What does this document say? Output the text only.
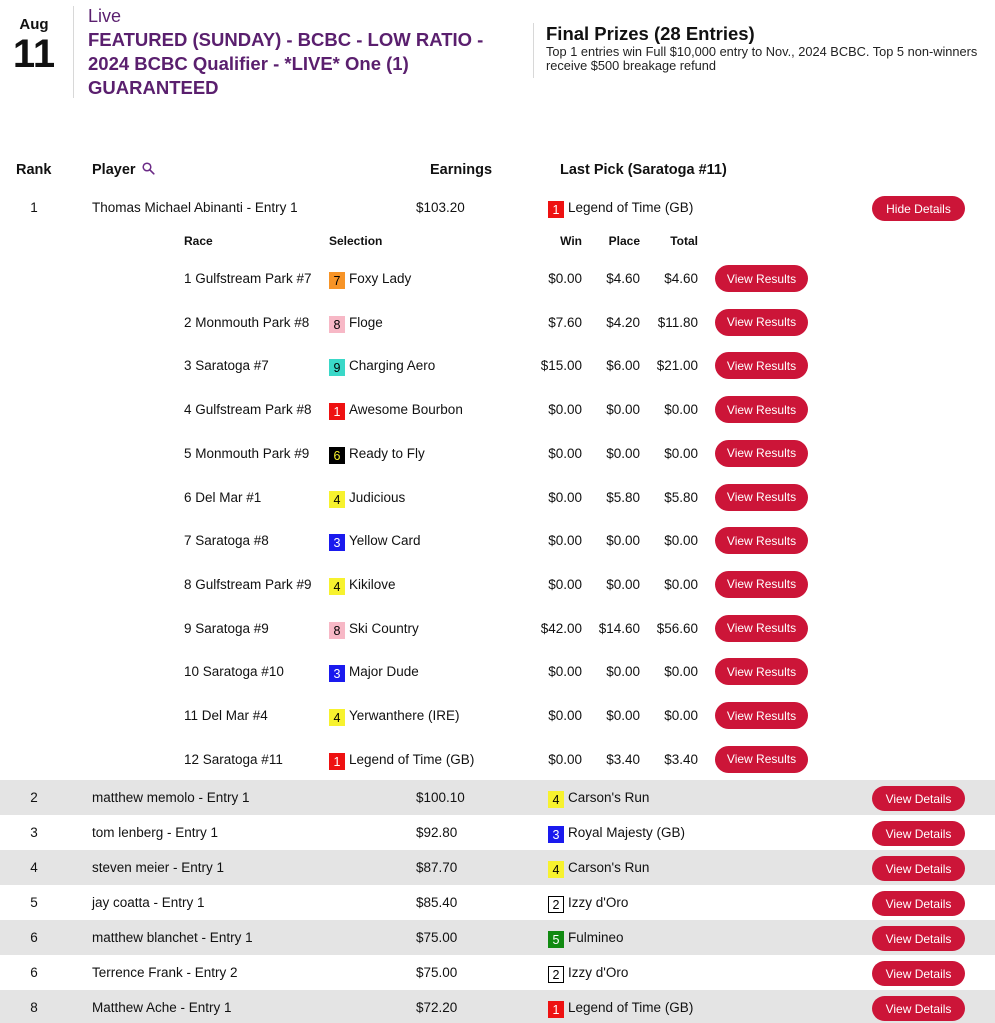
Aug
11
Live
FEATURED (SUNDAY) - BCBC - LOW RATIO - 2024 BCBC Qualifier - *LIVE* One (1) GUARANTEED
Final Prizes (28 Entries)
Top 1 entries win Full $10,000 entry to Nov., 2024 BCBC. Top 5 non-winners receive $500 breakage refund
Rank	Player	Earnings	Last Pick (Saratoga #11)
1	Thomas Michael Abinanti - Entry 1	$103.20	1 Legend of Time (GB)	Hide Details
Race	Selection	Win	Place	Total
1 Gulfstream Park #7	7 Foxy Lady	$0.00	$4.60	$4.60	View Results
2 Monmouth Park #8	8 Floge	$7.60	$4.20	$11.80	View Results
3 Saratoga #7	9 Charging Aero	$15.00	$6.00	$21.00	View Results
4 Gulfstream Park #8	1 Awesome Bourbon	$0.00	$0.00	$0.00	View Results
5 Monmouth Park #9	6 Ready to Fly	$0.00	$0.00	$0.00	View Results
6 Del Mar #1	4 Judicious	$0.00	$5.80	$5.80	View Results
7 Saratoga #8	3 Yellow Card	$0.00	$0.00	$0.00	View Results
8 Gulfstream Park #9	4 Kikilove	$0.00	$0.00	$0.00	View Results
9 Saratoga #9	8 Ski Country	$42.00	$14.60	$56.60	View Results
10 Saratoga #10	3 Major Dude	$0.00	$0.00	$0.00	View Results
11 Del Mar #4	4 Yerwanthere (IRE)	$0.00	$0.00	$0.00	View Results
12 Saratoga #11	1 Legend of Time (GB)	$0.00	$3.40	$3.40	View Results
2	matthew memolo - Entry 1	$100.10	4 Carson's Run	View Details
3	tom lenberg - Entry 1	$92.80	3 Royal Majesty (GB)	View Details
4	steven meier - Entry 1	$87.70	4 Carson's Run	View Details
5	jay coatta - Entry 1	$85.40	2 Izzy d'Oro	View Details
6	matthew blanchet - Entry 1	$75.00	5 Fulmineo	View Details
6	Terrence Frank - Entry 2	$75.00	2 Izzy d'Oro	View Details
8	Matthew Ache - Entry 1	$72.20	1 Legend of Time (GB)	View Details
